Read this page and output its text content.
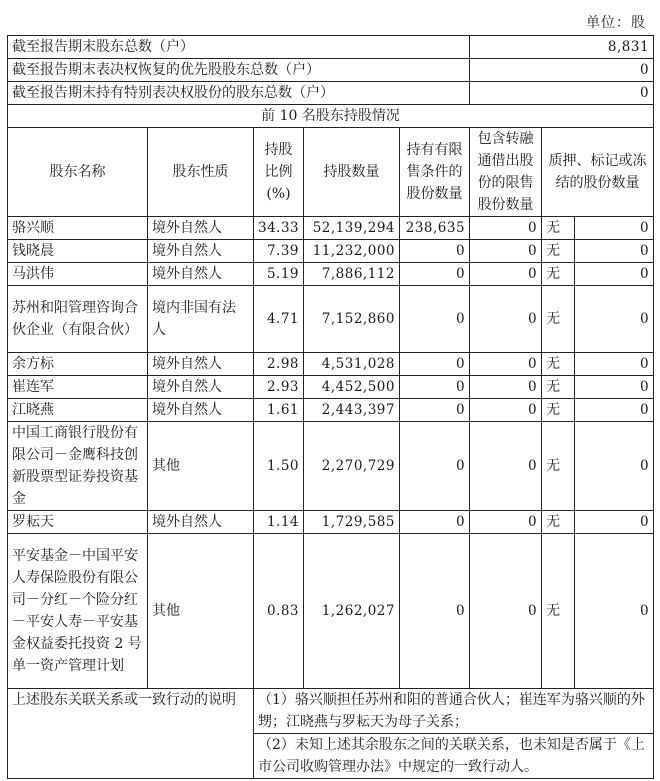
单位：股
截至报告期末股东总数（户）					8,831	
截至报告期末表决权恢复的优先股股东总数（户）					0	
截至报告期末持有特别表决权股份的股东总数（户）					0	
前 10 名股东持股情况						
股东名称	股东性质	持股比例(%)	持股数量	持有有限售条件的股份数量	包含转融通借出股份的限售股份数量	质押、标记或冻结的股份数量
骆兴顺	境外自然人	34.33	52,139,294	238,635	0	无 0

钱晓晨	境外自然人	7.39	11,232,000	0	0	无 0

马洪伟	境外自然人	5.19	7,886,112	0	0	无 0

苏州和阳管理咨询合伙企业（有限合伙）	境内非国有法人	4.71	7,152,860	0	0	无 0

余方标	境外自然人	2.98	4,531,028	0	0	无 0

崔连军	境外自然人	2.93	4,452,500	0	0	无 0

江晓燕	境外自然人	1.61	2,443,397	0	0	无 0

中国工商银行股份有限公司－金鹰科技创新股票型证券投资基金	其他	1.50	2,270,729	0	0	无 0

罗耘天	境外自然人	1.14	1,729,585	0	0	无 0

平安基金－中国平安人寿保险股份有限公司－分红－个险分红－平安人寿－平安基金权益委托投资 2 号单一资产管理计划	其他	0.83	1,262,027	0	0	无 0

上述股东关联关系或一致行动的说明		（1）骆兴顺担任苏州和阳的普通合伙人；崔连军为骆兴顺的外甥；江晓燕与罗耘天为母子关系；				
		（2）未知上述其余股东之间的关联关系，也未知是否属于《上市公司收购管理办法》中规定的一致行动人。				
